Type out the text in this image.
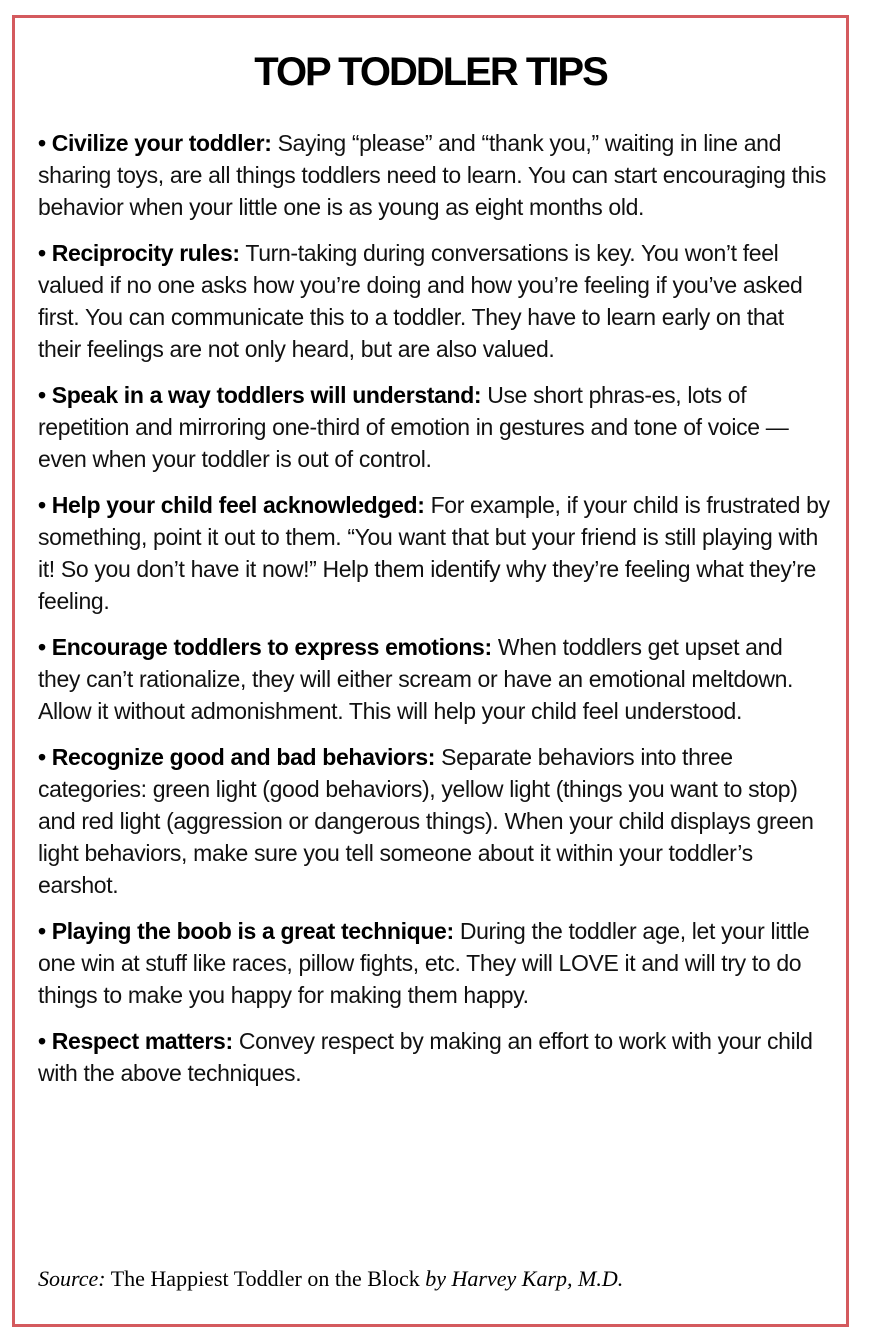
TOP TODDLER TIPS
• Civilize your toddler: Saying “please” and “thank you,” waiting in line and sharing toys, are all things toddlers need to learn. You can start encouraging this behavior when your little one is as young as eight months old.
• Reciprocity rules: Turn-taking during conversations is key. You won’t feel valued if no one asks how you’re doing and how you’re feeling if you’ve asked first. You can communicate this to a toddler. They have to learn early on that their feelings are not only heard, but are also valued.
• Speak in a way toddlers will understand: Use short phras-es, lots of repetition and mirroring one-third of emotion in gestures and tone of voice — even when your toddler is out of control.
• Help your child feel acknowledged: For example, if your child is frustrated by something, point it out to them. “You want that but your friend is still playing with it! So you don’t have it now!” Help them identify why they’re feeling what they’re feeling.
• Encourage toddlers to express emotions: When toddlers get upset and they can’t rationalize, they will either scream or have an emotional meltdown. Allow it without admonishment. This will help your child feel understood.
• Recognize good and bad behaviors: Separate behaviors into three categories: green light (good behaviors), yellow light (things you want to stop) and red light (aggression or dangerous things). When your child displays green light behaviors, make sure you tell someone about it within your toddler’s earshot.
• Playing the boob is a great technique: During the toddler age, let your little one win at stuff like races, pillow fights, etc. They will LOVE it and will try to do things to make you happy for making them happy.
• Respect matters: Convey respect by making an effort to work with your child with the above techniques.
Source: The Happiest Toddler on the Block by Harvey Karp, M.D.
